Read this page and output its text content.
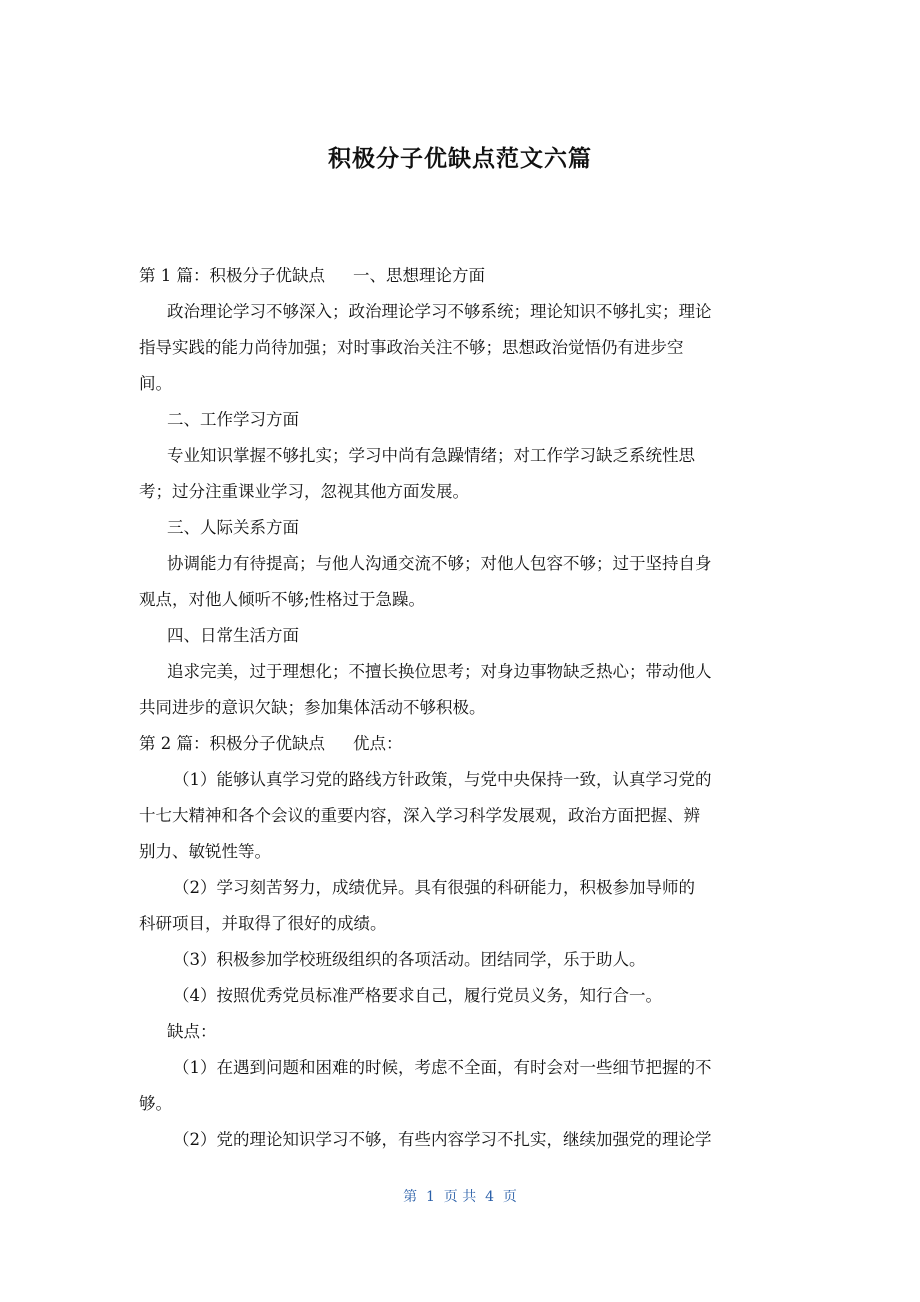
积极分子优缺点范文六篇
第 1 篇：积极分子优缺点 一、思想理论方面
政治理论学习不够深入；政治理论学习不够系统；理论知识不够扎实；理论
指导实践的能力尚待加强；对时事政治关注不够；思想政治觉悟仍有进步空
间。
二、工作学习方面
专业知识掌握不够扎实；学习中尚有急躁情绪；对工作学习缺乏系统性思
考；过分注重课业学习，忽视其他方面发展。
三、人际关系方面
协调能力有待提高；与他人沟通交流不够；对他人包容不够；过于坚持自身
观点，对他人倾听不够;性格过于急躁。
四、日常生活方面
追求完美，过于理想化；不擅长换位思考；对身边事物缺乏热心；带动他人
共同进步的意识欠缺；参加集体活动不够积极。
第 2 篇：积极分子优缺点 优点：
（1）能够认真学习党的路线方针政策，与党中央保持一致，认真学习党的
十七大精神和各个会议的重要内容，深入学习科学发展观，政治方面把握、辨
别力、敏锐性等。
（2）学习刻苦努力，成绩优异。具有很强的科研能力，积极参加导师的
科研项目，并取得了很好的成绩。
（3）积极参加学校班级组织的各项活动。团结同学，乐于助人。
（4）按照优秀党员标准严格要求自己，履行党员义务，知行合一。
缺点：
（1）在遇到问题和困难的时候，考虑不全面，有时会对一些细节把握的不
够。
（2）党的理论知识学习不够，有些内容学习不扎实，继续加强党的理论学
第  1  页 共  4  页
